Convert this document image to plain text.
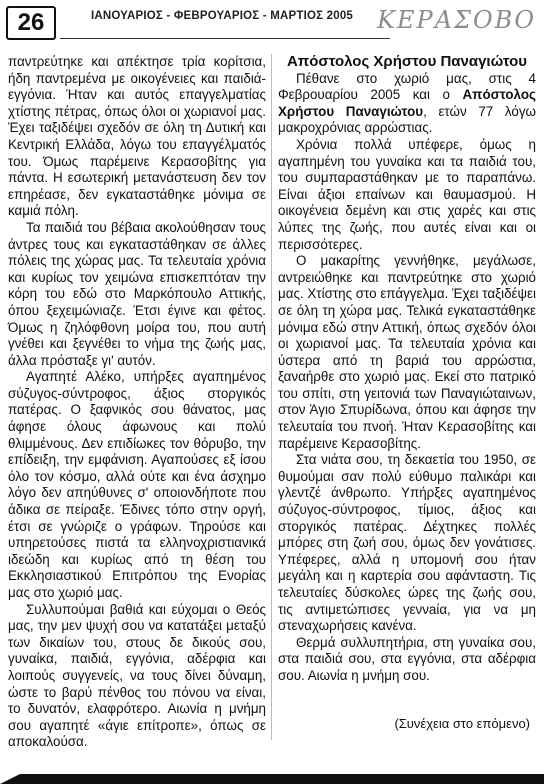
26	ΙΑΝΟΥΑΡΙΟΣ - ΦΕΒΡΟΥΑΡΙΟΣ - ΜΑΡΤΙΟΣ 2005	ΚΕΡΑΣΟΒΟ

παντρεύτηκε και απέκτησε τρία κορίτσια, ήδη παντρεμένα με οικογένειες και παιδιά-εγγόνια. Ήταν και αυτός επαγγελματίας χτίστης πέτρας, όπως όλοι οι χωριανοί μας. Έχει ταξιδέψει σχεδόν σε όλη τη Δυτική και Κεντρική Ελλάδα, λόγω του επαγγέλματός του. Όμως παρέμεινε Κερασοβίτης για πάντα. Η εσωτερική μετανάστευση δεν τον επηρέασε, δεν εγκαταστάθηκε μόνιμα σε καμιά πόλη.

Τα παιδιά του βέβαια ακολούθησαν τους άντρες τους και εγκαταστάθηκαν σε άλλες πόλεις της χώρας μας. Τα τελευταία χρόνια και κυρίως τον χειμώνα επισκεπτόταν την κόρη του εδώ στο Μαρκόπουλο Αττικής, όπου ξεχειμώνιαζε. Έτσι έγινε και φέτος. Όμως η ζηλόφθονη μοίρα του, που αυτή γνέθει και ξεγνέθει το νήμα της ζωής μας, άλλα πρόσταξε γι' αυτόν.

Αγαπητέ Αλέκο, υπήρξες αγαπημένος σύζυγος-σύντροφος, άξιος στοργικός πατέρας. Ο ξαφνικός σου θάνατος, μας άφησε όλους άφωνους και πολύ θλιμμένους. Δεν επιδίωκες τον θόρυβο, την επίδειξη, την εμφάνιση. Αγαπούσες εξ ίσου όλο τον κόσμο, αλλά ούτε και ένα άσχημο λόγο δεν απηύθυνες σ' οποιονδήποτε που άδικα σε πείραξε. Έδινες τόπο στην οργή, έτσι σε γνώριζε ο γράφων. Τηρούσε και υπηρετούσες πιστά τα ελληνοχριστιανικά ιδεώδη και κυρίως από τη θέση του Εκκλησιαστικού Επιτρόπου της Ενορίας μας στο χωριό μας.

Συλλυπούμαι βαθιά και εύχομαι ο Θεός μας, την μεν ψυχή σου να κατατάξει μεταξύ των δικαίων του, στους δε δικούς σου, γυναίκα, παιδιά, εγγόνια, αδέρφια και λοιπούς συγγενείς, να τους δίνει δύναμη, ώστε το βαρύ πένθος του πόνου να είναι, το δυνατόν, ελαφρότερο. Αιωνία η μνήμη σου αγαπητέ «άγιε επίτροπε», όπως σε αποκαλούσα.

Απόστολος Χρήστου Παναγιώτου

Πέθανε στο χωριό μας, στις 4 Φεβρουαρίου 2005 και ο Απόστολος Χρήστου Παναγιώτου, ετών 77 λόγω μακροχρόνιας αρρώστιας.

Χρόνια πολλά υπέφερε, όμως η αγαπημένη του γυναίκα και τα παιδιά του, του συμπαραστάθηκαν με το παραπάνω. Είναι άξιοι επαίνων και θαυμασμού. Η οικογένεια δεμένη και στις χαρές και στις λύπες της ζωής, που αυτές είναι και οι περισσότερες.

Ο μακαρίτης γεννήθηκε, μεγάλωσε, αντρειώθηκε και παντρεύτηκε στο χωριό μας. Χτίστης στο επάγγελμα. Έχει ταξιδέψει σε όλη τη χώρα μας. Τελικά εγκαταστάθηκε μόνιμα εδώ στην Αττική, όπως σχεδόν όλοι οι χωριανοί μας. Τα τελευταία χρόνια και ύστερα από τη βαριά του αρρώστια, ξαναήρθε στο χωριό μας. Εκεί στο πατρικό του σπίτι, στη γειτονιά των Παναγιώταινων, στον Άγιο Σπυρίδωνα, όπου και άφησε την τελευταία του πνοή. Ήταν Κερασοβίτης και παρέμεινε Κερασοβίτης.

Στα νιάτα σου, τη δεκαετία του 1950, σε θυμούμαι σαν πολύ εύθυμο παλικάρι και γλεντζέ άνθρωπο. Υπήρξες αγαπημένος σύζυγος-σύντροφος, τίμιος, άξιος και στοργικός πατέρας. Δέχτηκες πολλές μπόρες στη ζωή σου, όμως δεν γονάτισες. Υπέφερες, αλλά η υπομονή σου ήταν μεγάλη και η καρτερία σου αφάνταστη. Τις τελευταίες δύσκολες ώρες της ζωής σου, τις αντιμετώπισες γεννaία, για να μη στεναχωρήσεις κανένα.

Θερμά συλλυπητήρια, στη γυναίκα σου, στα παιδιά σου, στα εγγόνια, στα αδέρφια σου. Αιωνία η μνήμη σου.

(Συνέχεια στο επόμενο)
